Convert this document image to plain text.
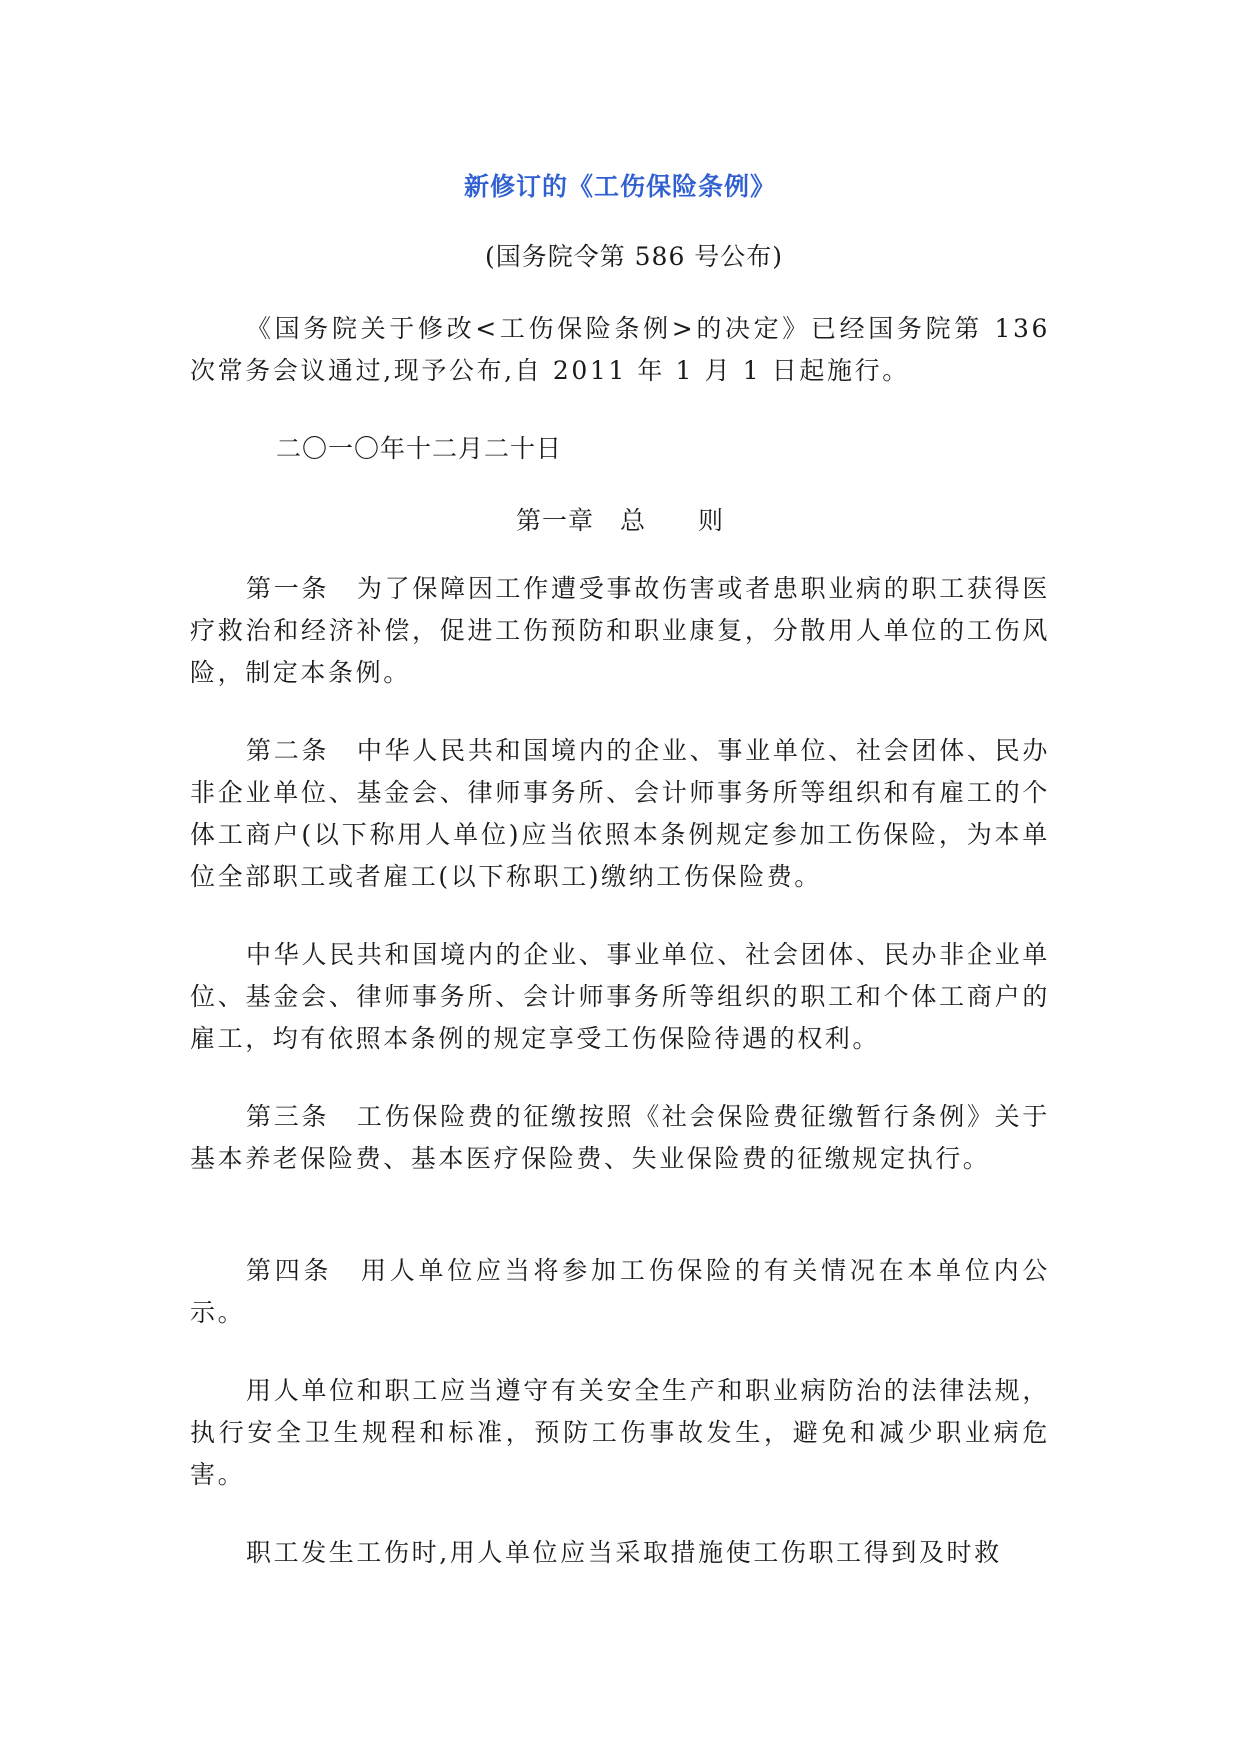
新修订的《工伤保险条例》
(国务院令第 586 号公布)

《国务院关于修改<工伤保险条例>的决定》已经国务院第 136 次常务会议通过,现予公布,自 2011 年 1 月 1 日起施行。

二〇一〇年十二月二十日
第一章　总　　则

第一条　为了保障因工作遭受事故伤害或者患职业病的职工获得医疗救治和经济补偿，促进工伤预防和职业康复，分散用人单位的工伤风险，制定本条例。

第二条　中华人民共和国境内的企业、事业单位、社会团体、民办非企业单位、基金会、律师事务所、会计师事务所等组织和有雇工的个体工商户(以下称用人单位)应当依照本条例规定参加工伤保险，为本单位全部职工或者雇工(以下称职工)缴纳工伤保险费。

中华人民共和国境内的企业、事业单位、社会团体、民办非企业单位、基金会、律师事务所、会计师事务所等组织的职工和个体工商户的雇工，均有依照本条例的规定享受工伤保险待遇的权利。

第三条　工伤保险费的征缴按照《社会保险费征缴暂行条例》关于基本养老保险费、基本医疗保险费、失业保险费的征缴规定执行。

第四条　用人单位应当将参加工伤保险的有关情况在本单位内公示。

用人单位和职工应当遵守有关安全生产和职业病防治的法律法规，执行安全卫生规程和标准，预防工伤事故发生，避免和减少职业病危害。

职工发生工伤时,用人单位应当采取措施使工伤职工得到及时救
